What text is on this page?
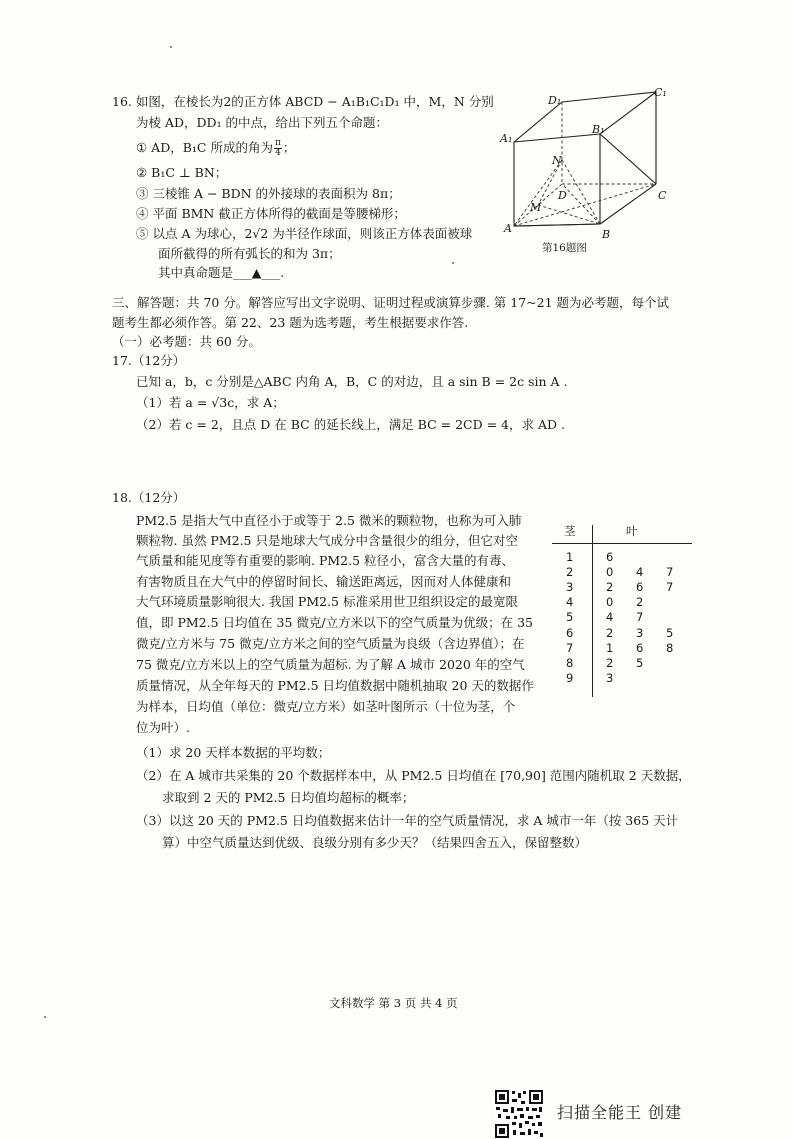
16. 如图，在棱长为2的正方体 ABCD − A₁B₁C₁D₁ 中，M，N 分别
为棱 AD，DD₁ 的中点，给出下列五个命题：
① AD，B₁C 所成的角为 $\frac{\pi}{4}$ ；
② B₁C ⊥ BN；
③ 三棱锥 A − BDN 的外接球的表面积为 8π；
④ 平面 BMN 截正方体所得的截面是等腰梯形；
⑤ 以点 A 为球心，2√2 为半径作球面，则该正方体表面被球
面所截得的所有弧长的和为 3π；
其中真命题是___▲___.
D₁
C₁
A₁
B₁
N
C
M
D
A	B
第16题图
三、解答题：共 70 分。解答应写出文字说明、证明过程或演算步骤. 第 17~21 题为必考题，每个试
题考生都必须作答。第 22、23 题为选考题，考生根据要求作答.
（一）必考题：共 60 分。
17.（12分）
已知 a，b，c 分别是△ABC 内角 A，B，C 的对边，且 a sin B = 2c sin A .
（1）若 a = √3c，求 A；
（2）若 c = 2，且点 D 在 BC 的延长线上，满足 BC = 2CD = 4，求 AD .
18.（12分）
PM2.5 是指大气中直径小于或等于 2.5 微米的颗粒物，也称为可入肺
颗粒物. 虽然 PM2.5 只是地球大气成分中含量很少的组分，但它对空
气质量和能见度等有重要的影响. PM2.5 粒径小，富含大量的有毒、
有害物质且在大气中的停留时间长、输送距离远，因而对人体健康和
大气环境质量影响很大. 我国 PM2.5 标准采用世卫组织设定的最宽限
值，即 PM2.5 日均值在 35 微克/立方米以下的空气质量为优级；在 35
微克/立方米与 75 微克/立方米之间的空气质量为良级（含边界值）；在
75 微克/立方米以上的空气质量为超标. 为了解 A 城市 2020 年的空气
质量情况，从全年每天的 PM2.5 日均值数据中随机抽取 20 天的数据作
为样本，日均值（单位：微克/立方米）如茎叶图所示（十位为茎，个
位为叶）.
（1）求 20 天样本数据的平均数；
（2）在 A 城市共采集的 20 个数据样本中，从 PM2.5 日均值在 [70,90] 范围内随机取 2 天数据，
求取到 2 天的 PM2.5 日均值均超标的概率；
（3）以这 20 天的 PM2.5 日均值数据来估计一年的空气质量情况，求 A 城市一年（按 365 天计
算）中空气质量达到优级、良级分别有多少天？（结果四舍五入，保留整数）
茎	叶
1	6		
2	0	4	7
3	2	6	7
4	0	2	
5	4	7	
6	2	3	5
7	1	6	8
8	2	5	
9	3		
文科数学 第 3 页 共 4 页
扫描全能王 创建
